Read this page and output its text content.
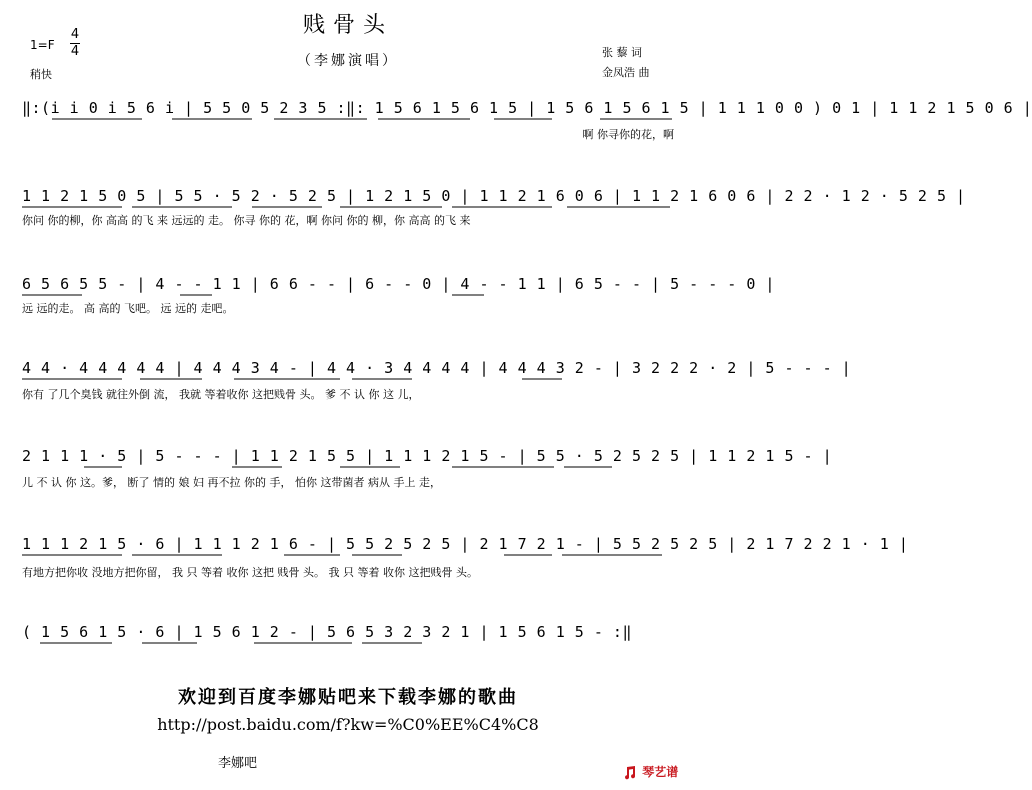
贱骨头
（李娜演唱）
1=F
4
4
稍快
张 藜 词
金凤浩 曲
‖:(i i 0 i 5 6 i | 5 5 0 5 2 3 5 :‖: 1 5 6 1 5 6 1 5 | 1 5 6 1 5 6 1 5 | 1 1 1 0 0 ) 0 1 | 1 1 2 1 5 0 6 |
啊 你寻你的花，啊
1 1 2 1 5 0 5 | 5 5 · 5 2 · 5 2 5 | 1 2 1 5 0 | 1 1 2 1 6 0 6 | 1 1 2 1 6 0 6 | 2 2 · 1 2 · 5 2 5 |
你问 你的柳，你 高高 的飞 来 远远的 走。 你寻 你的 花，啊 你问 你的 柳，你 高高 的飞 来
6 5 6 5 5 - | 4 - - 1 1 | 6 6 - - | 6 - - 0 | 4 - - 1 1 | 6 5 - - | 5 - - - 0 |
远 远的走。 高 高的 飞吧。 远 远的 走吧。
4 4 · 4 4 4 4 4 | 4 4 4 3 4 - | 4 4 · 3 4 4 4 4 | 4 4 4 3 2 - | 3 2 2 2 · 2 | 5 - - - |
你有 了几个臭钱 就往外倒 流， 我就 等着收你 这把贱骨 头。 爹 不 认 你 这 儿，
2 1 1 1 · 5 | 5 - - - | 1 1 2 1 5 5 | 1 1 1 2 1 5 - | 5 5 · 5 2 5 2 5 | 1 1 2 1 5 - |
儿 不 认 你 这。爹， 断了 情的 娘 妇 再不拉 你的 手， 怕你 这带菌者 病从 手上 走，
1 1 1 2 1 5 · 6 | 1 1 1 2 1 6 - | 5 5 2 5 2 5 | 2 1 7 2 1 - | 5 5 2 5 2 5 | 2 1 7 2 2 1 · 1 |
有地方把你收 没地方把你留， 我 只 等着 收你 这把 贱骨 头。 我 只 等着 收你 这把贱骨 头。
( 1 5 6 1 5 · 6 | 1 5 6 1 2 - | 5 6 5 3 2 3 2 1 | 1 5 6 1 5 - :‖
欢迎到百度李娜贴吧来下载李娜的歌曲
http://post.baidu.com/f?kw=%C0%EE%C4%C8
李娜吧
琴艺谱
